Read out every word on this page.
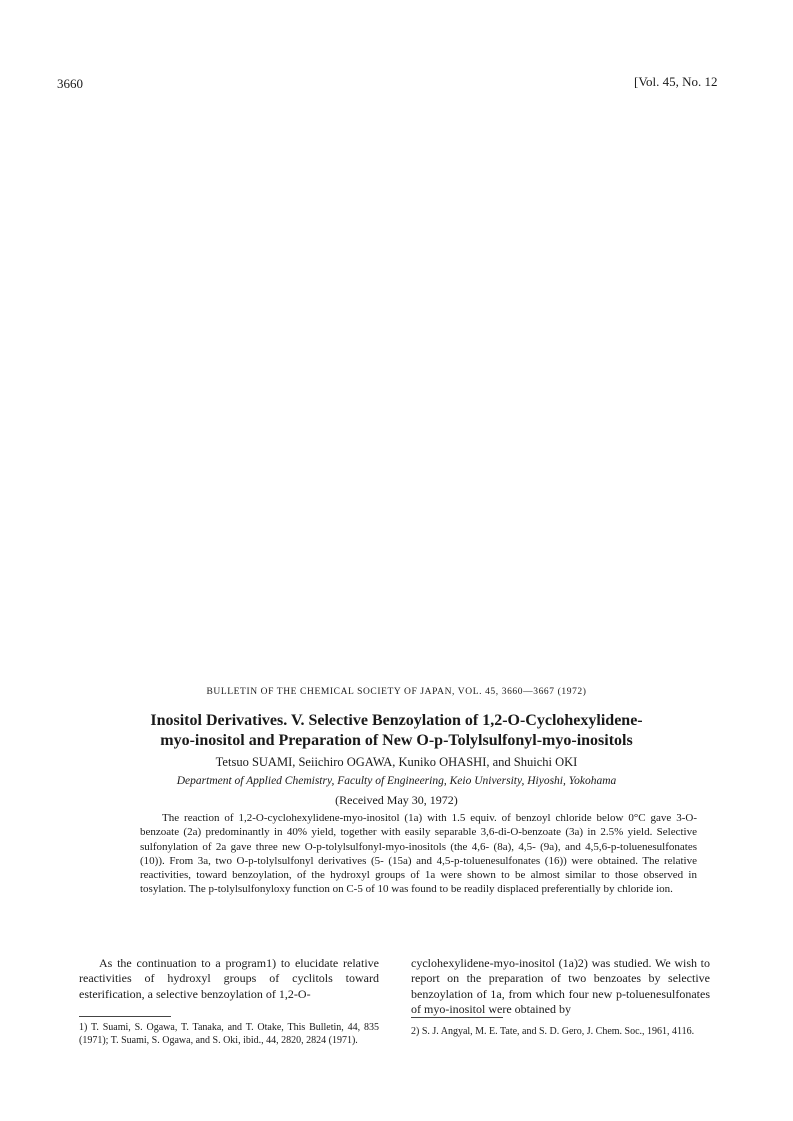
3660	[Vol. 45, No. 12
BULLETIN OF THE CHEMICAL SOCIETY OF JAPAN, VOL. 45, 3660—3667 (1972)
Inositol Derivatives. V. Selective Benzoylation of 1,2-O-Cyclohexylidene-
myo-inositol and Preparation of New O-p-Tolylsulfonyl-myo-inositols
Tetsuo SUAMI, Seiichiro OGAWA, Kuniko OHASHI, and Shuichi OKI
Department of Applied Chemistry, Faculty of Engineering, Keio University, Hiyoshi, Yokohama
(Received May 30, 1972)

The reaction of 1,2-O-cyclohexylidene-myo-inositol (1a) with 1.5 equiv. of benzoyl chloride below 0°C gave 3-O-benzoate (2a) predominantly in 40% yield, together with easily separable 3,6-di-O-benzoate (3a) in 2.5% yield. Selective sulfonylation of 2a gave three new O-p-tolylsulfonyl-myo-inositols (the 4,6- (8a), 4,5- (9a), and 4,5,6-p-toluenesulfonates (10)). From 3a, two O-p-tolylsulfonyl derivatives (5- (15a) and 4,5-p-toluenesulfonates (16)) were obtained. The relative reactivities, toward benzoylation, of the hydroxyl groups of 1a were shown to be almost similar to those observed in tosylation. The p-tolylsulfonyloxy function on C-5 of 10 was found to be readily displaced preferentially by chloride ion.

As the continuation to a program1) to elucidate relative reactivities of hydroxyl groups of cyclitols toward esterification, a selective benzoylation of 1,2-O-

cyclohexylidene-myo-inositol (1a)2) was studied. We wish to report on the preparation of two benzoates by selective benzoylation of 1a, from which four new p-toluenesulfonates of myo-inositol were obtained by

1) T. Suami, S. Ogawa, T. Tanaka, and T. Otake, This Bulletin, 44, 835 (1971); T. Suami, S. Ogawa, and S. Oki, ibid., 44, 2820, 2824 (1971).

2) S. J. Angyal, M. E. Tate, and S. D. Gero, J. Chem. Soc., 1961, 4116.
